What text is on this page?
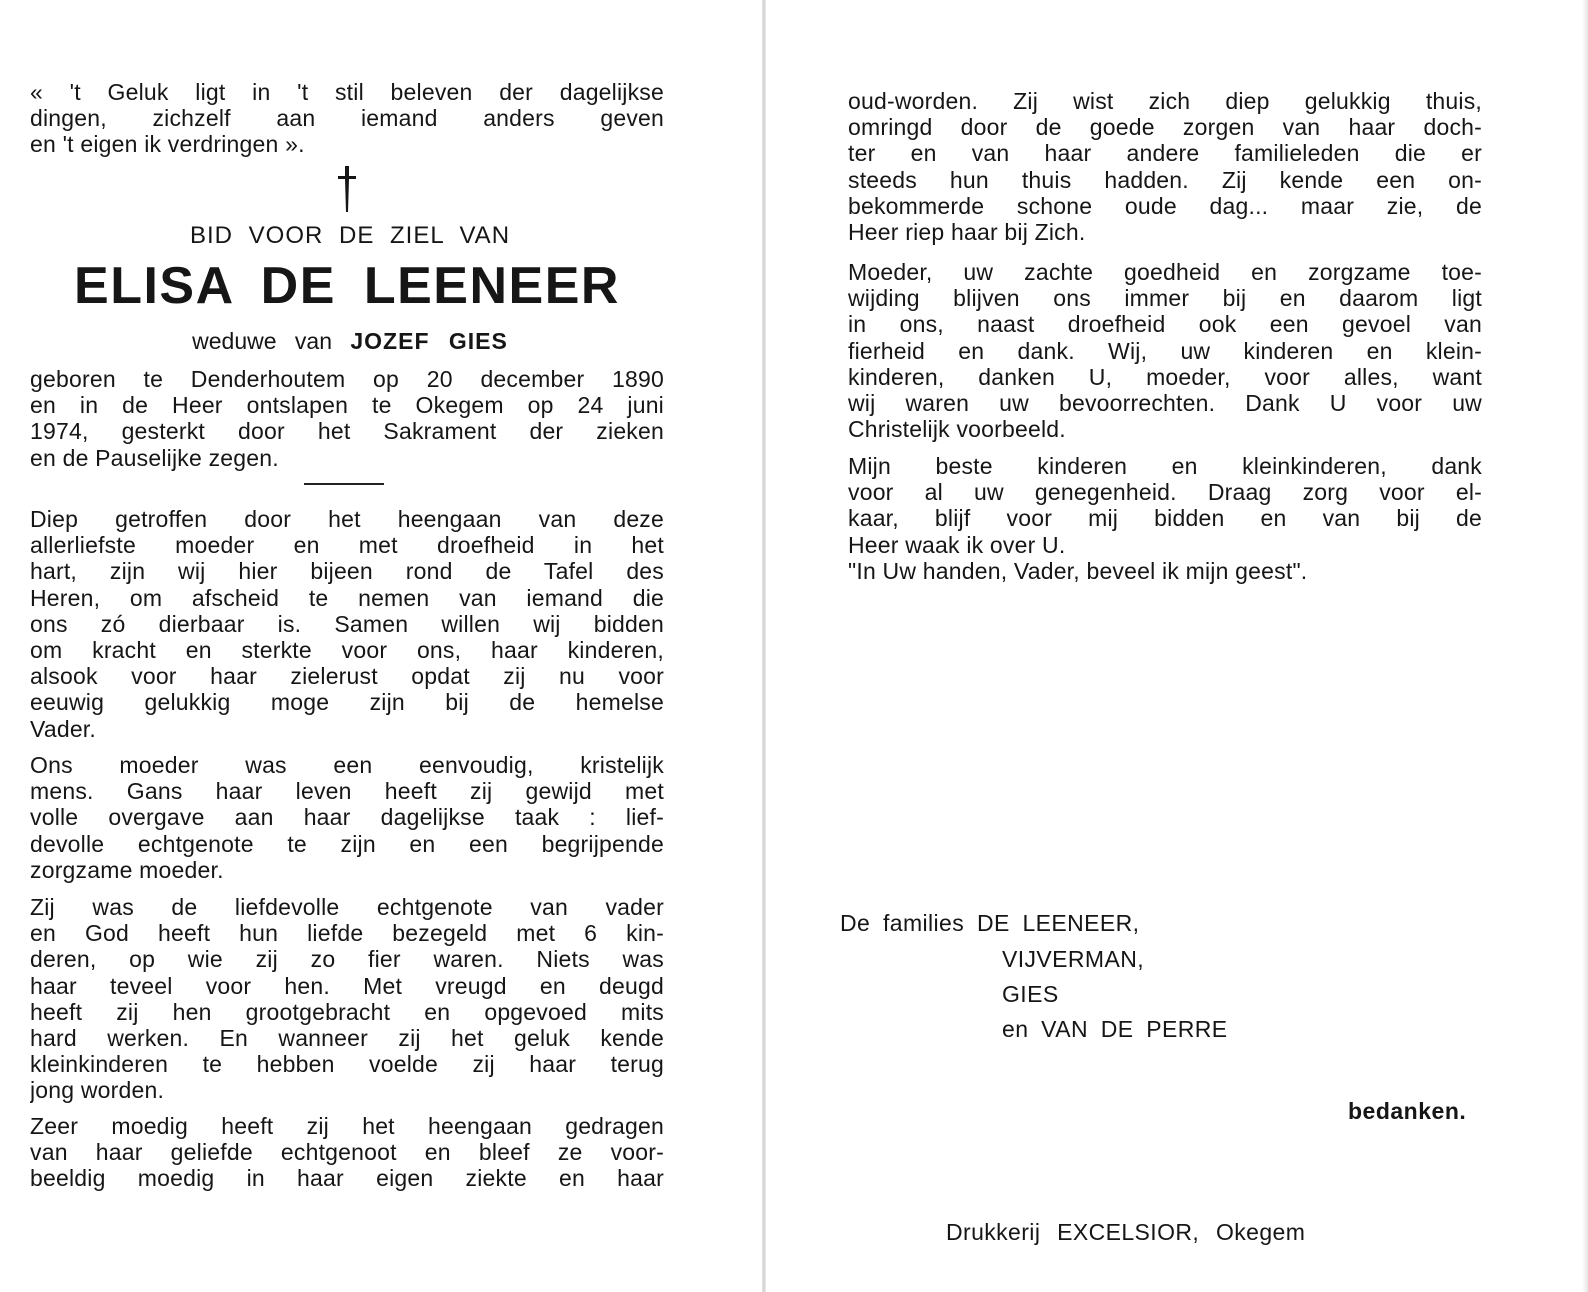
« 't Geluk ligt in 't stil beleven der dagelijkse
dingen, zichzelf aan iemand anders geven
en 't eigen ik verdringen ».
BID VOOR DE ZIEL VAN
ELISA DE LEENEER
weduwe van JOZEF GIES
geboren te Denderhoutem op 20 december 1890
en in de Heer ontslapen te Okegem op 24 juni
1974, gesterkt door het Sakrament der zieken
en de Pauselijke zegen.
Diep getroffen door het heengaan van deze
allerliefste moeder en met droefheid in het
hart, zijn wij hier bijeen rond de Tafel des
Heren, om afscheid te nemen van iemand die
ons zó dierbaar is. Samen willen wij bidden
om kracht en sterkte voor ons, haar kinderen,
alsook voor haar zielerust opdat zij nu voor
eeuwig gelukkig moge zijn bij de hemelse
Vader.
Ons moeder was een eenvoudig, kristelijk
mens. Gans haar leven heeft zij gewijd met
volle overgave aan haar dagelijkse taak : lief-
devolle echtgenote te zijn en een begrijpende
zorgzame moeder.
Zij was de liefdevolle echtgenote van vader
en God heeft hun liefde bezegeld met 6 kin-
deren, op wie zij zo fier waren. Niets was
haar teveel voor hen. Met vreugd en deugd
heeft zij hen grootgebracht en opgevoed mits
hard werken. En wanneer zij het geluk kende
kleinkinderen te hebben voelde zij haar terug
jong worden.
Zeer moedig heeft zij het heengaan gedragen
van haar geliefde echtgenoot en bleef ze voor-
beeldig moedig in haar eigen ziekte en haar
oud-worden. Zij wist zich diep gelukkig thuis,
omringd door de goede zorgen van haar doch-
ter en van haar andere familieleden die er
steeds hun thuis hadden. Zij kende een on-
bekommerde schone oude dag... maar zie, de
Heer riep haar bij Zich.
Moeder, uw zachte goedheid en zorgzame toe-
wijding blijven ons immer bij en daarom ligt
in ons, naast droefheid ook een gevoel van
fierheid en dank. Wij, uw kinderen en klein-
kinderen, danken U, moeder, voor alles, want
wij waren uw bevoorrechten. Dank U voor uw
Christelijk voorbeeld.
Mijn beste kinderen en kleinkinderen, dank
voor al uw genegenheid. Draag zorg voor el-
kaar, blijf voor mij bidden en van bij de
Heer waak ik over U.
"In Uw handen, Vader, beveel ik mijn geest".
De families DE LEENEER,
VIJVERMAN,
GIES
en VAN DE PERRE
bedanken.
Drukkerij EXCELSIOR, Okegem
